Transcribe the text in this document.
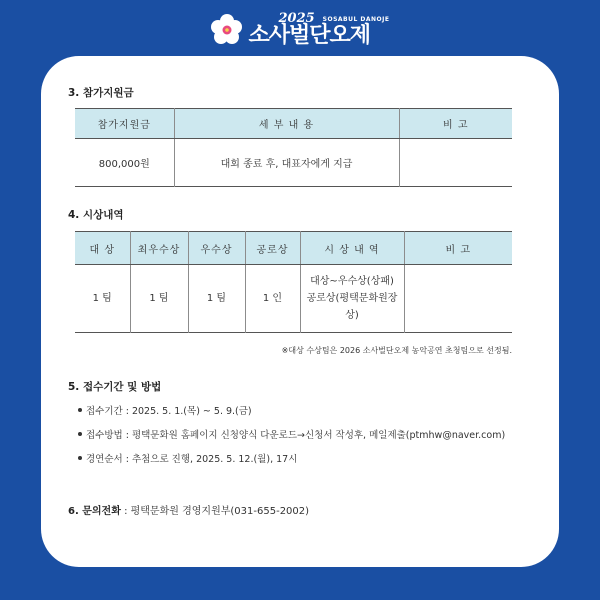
2025 SOSABUL DANOJE
소사벌단오제
3. 참가지원금
참가지원금	세 부 내 용	비 고
800,000원	대회 종료 후, 대표자에게 지급	
4. 시상내역
대 상	최우수상	우수상	공로상	시 상 내 역	비 고
1 팀	1 팀	1 팀	1 인	대상~우수상(상패)
공로상(평택문화원장상)	
※대상 수상팀은 2026 소사벌단오제 농악공연 초청팀으로 선정됨.
5. 접수기간 및 방법
접수기간 : 2025. 5. 1.(목) ~ 5. 9.(금)
접수방법 : 평택문화원 홈페이지 신청양식 다운로드→신청서 작성후, 메일제출(ptmhw@naver.com)
경연순서 : 추첨으로 진행, 2025. 5. 12.(월), 17시
6. 문의전화 : 평택문화원 경영지원부(031-655-2002)
